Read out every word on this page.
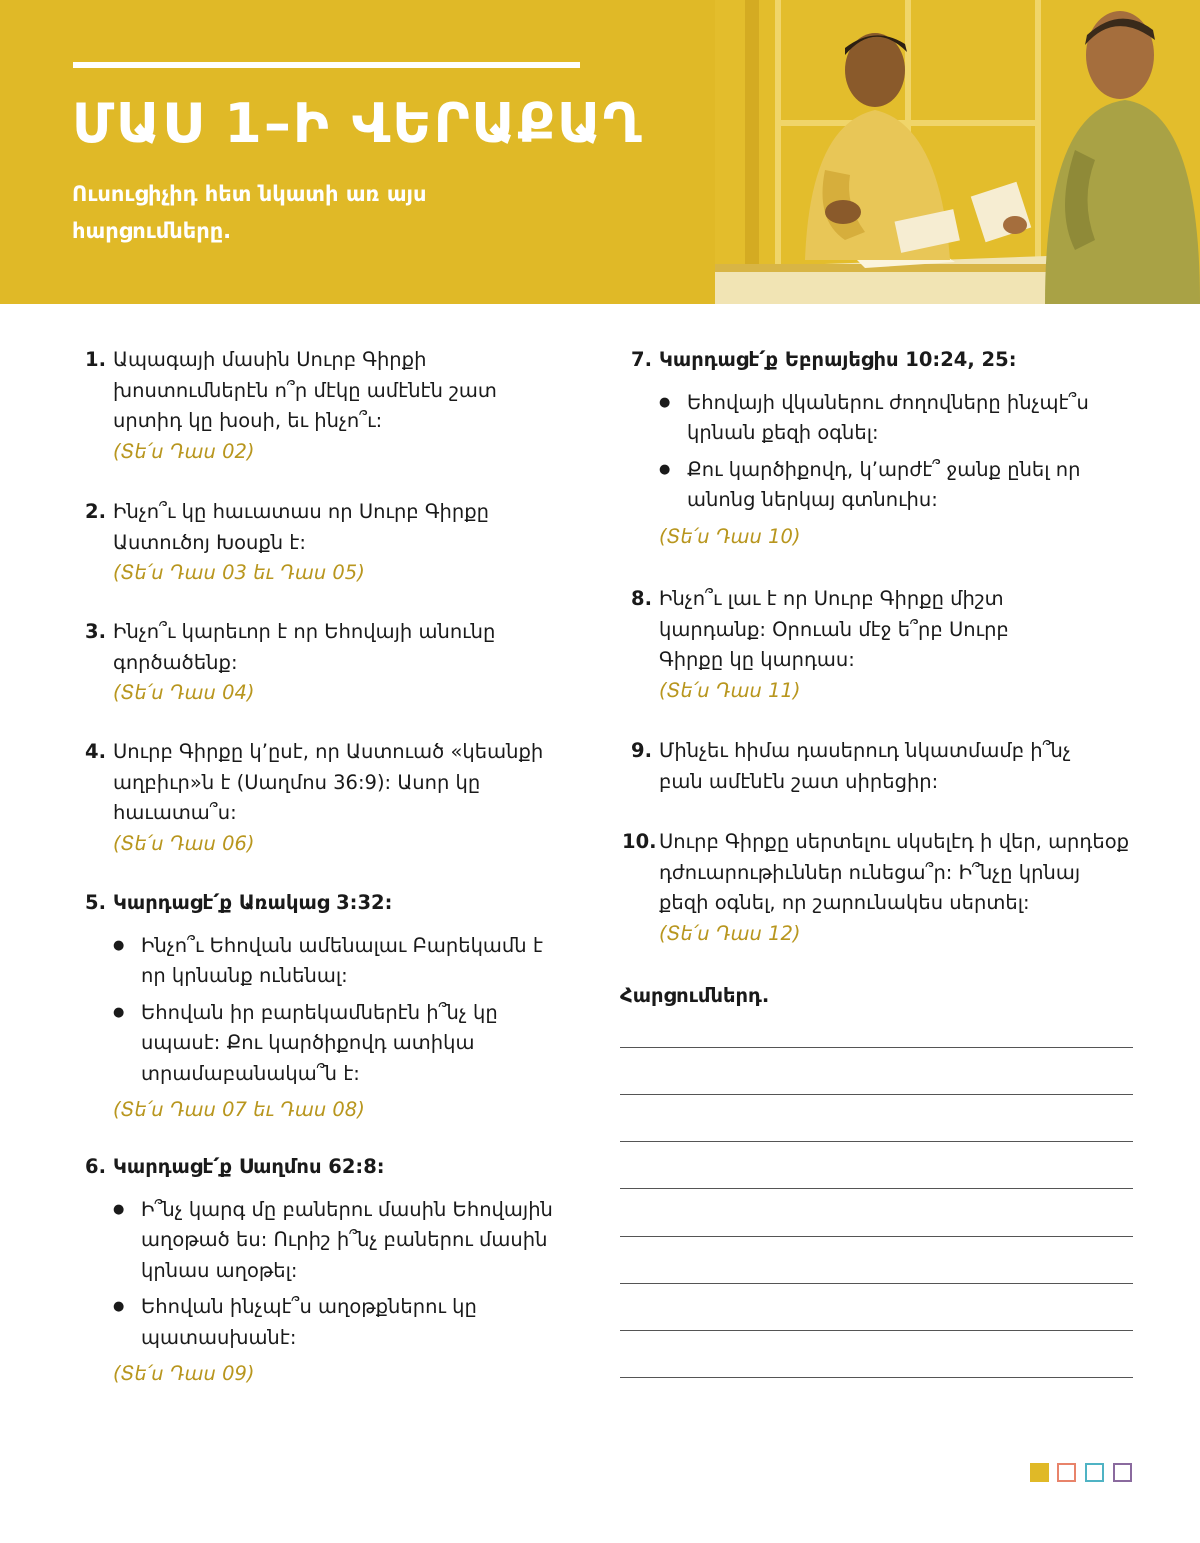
ՄԱՍ 1–Ի ՎԵՐԱՔԱՂ
Ուսուցիչիդ հետ նկատի առ այս հարցումները.
1. Ապագայի մասին Սուրբ Գիրքի խոստումներէն ո՞ր մէկը ամէնէն շատ սրտիդ կը խօսի, եւ ինչո՞ւ:
(Տե՛ս Դաս 02)
2. Ինչո՞ւ կը հաւատաս որ Սուրբ Գիրքը Աստուծոյ Խօսքն է:
(Տե՛ս Դաս 03 եւ Դաս 05)
3. Ինչո՞ւ կարեւոր է որ Եհովայի անունը գործածենք:
(Տե՛ս Դաս 04)
4. Սուրբ Գիրքը կ՚ըսէ, որ Աստուած «կեանքի աղբիւր»ն է (Սաղմոս 36:9): Ասոր կը հաւատա՞ս:
(Տե՛ս Դաս 06)
5. Կարդացէ՛ք Առակաց 3:32:
● Ինչո՞ւ Եհովան ամենալաւ Բարեկամն է որ կրնանք ունենալ:
● Եհովան իր բարեկամներէն ի՞նչ կը սպասէ: Քու կարծիքովդ ատիկա տրամաբանակա՞ն է:
(Տե՛ս Դաս 07 եւ Դաս 08)
6. Կարդացէ՛ք Սաղմոս 62:8:
● Ի՞նչ կարգ մը բաներու մասին Եհովային աղօթած ես: Ուրիշ ի՞նչ բաներու մասին կրնաս աղօթել:
● Եհովան ինչպէ՞ս աղօթքներու կը պատասխանէ:
(Տե՛ս Դաս 09)
7. Կարդացէ՛ք Եբրայեցիս 10:24, 25:
● Եհովայի վկաներու ժողովները ինչպէ՞ս կրնան քեզի օգնել:
● Քու կարծիքովդ, կ՚արժէ՞ ջանք ընել որ անոնց ներկայ գտնուիս:
(Տե՛ս Դաս 10)
8. Ինչո՞ւ լաւ է որ Սուրբ Գիրքը միշտ կարդանք: Օրուան մէջ ե՞րբ Սուրբ Գիրքը կը կարդաս:
(Տե՛ս Դաս 11)
9. Մինչեւ հիմա դասերուդ նկատմամբ ի՞նչ բան ամէնէն շատ սիրեցիր:
10. Սուրբ Գիրքը սերտելու սկսելէդ ի վեր, արդեօք դժուարութիւններ ունեցա՞ր: Ի՞նչը կրնայ քեզի օգնել, որ շարունակես սերտել:
(Տե՛ս Դաս 12)
Հարցումներդ.
